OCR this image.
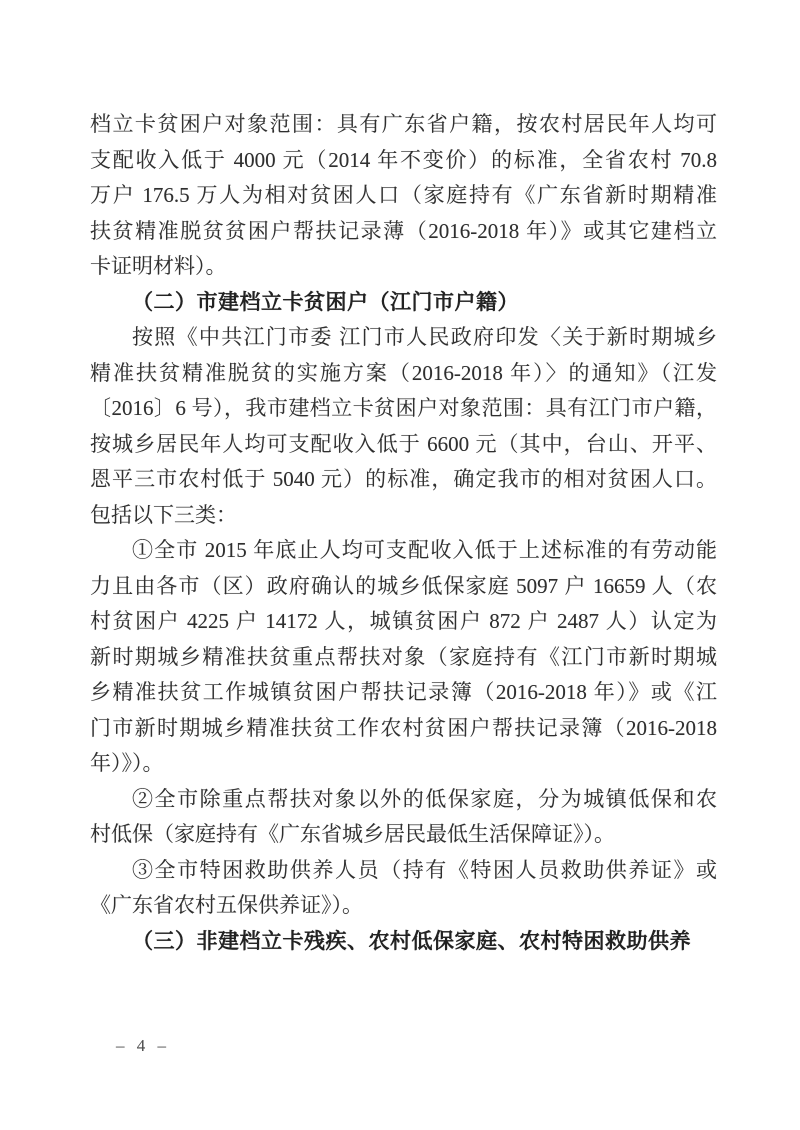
档立卡贫困户对象范围：具有广东省户籍，按农村居民年人均可
支配收入低于 4000 元（2014 年不变价）的标准，全省农村 70.8
万户 176.5 万人为相对贫困人口（家庭持有《广东省新时期精准
扶贫精准脱贫贫困户帮扶记录薄（2016-2018 年）》或其它建档立
卡证明材料）。
（二）市建档立卡贫困户（江门市户籍）
按照《中共江门市委 江门市人民政府印发〈关于新时期城乡
精准扶贫精准脱贫的实施方案（2016-2018 年）〉的通知》（江发
〔2016〕6 号），我市建档立卡贫困户对象范围：具有江门市户籍，
按城乡居民年人均可支配收入低于 6600 元（其中，台山、开平、
恩平三市农村低于 5040 元）的标准，确定我市的相对贫困人口。
包括以下三类：
①全市 2015 年底止人均可支配收入低于上述标准的有劳动能
力且由各市（区）政府确认的城乡低保家庭 5097 户 16659 人（农
村贫困户 4225 户 14172 人，城镇贫困户 872 户 2487 人）认定为
新时期城乡精准扶贫重点帮扶对象（家庭持有《江门市新时期城
乡精准扶贫工作城镇贫困户帮扶记录簿（2016-2018 年）》或《江
门市新时期城乡精准扶贫工作农村贫困户帮扶记录簿（2016-2018
年）》）。
②全市除重点帮扶对象以外的低保家庭，分为城镇低保和农
村低保（家庭持有《广东省城乡居民最低生活保障证》）。
③全市特困救助供养人员（持有《特困人员救助供养证》或
《广东省农村五保供养证》）。
（三）非建档立卡残疾、农村低保家庭、农村特困救助供养
– 4 –
